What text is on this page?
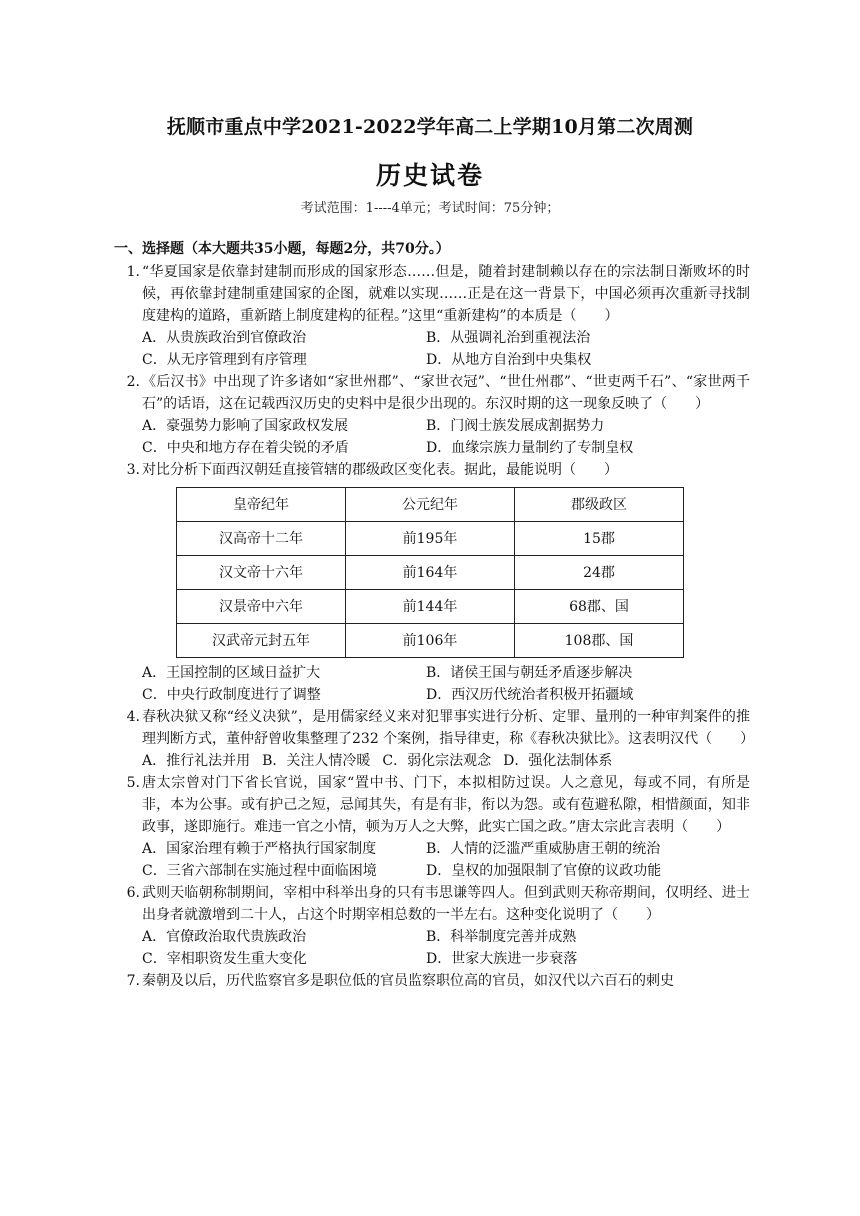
抚顺市重点中学2021-2022学年高二上学期10月第二次周测
历史试卷
考试范围：1----4单元；考试时间：75分钟；
一、选择题（本大题共35小题，每题2分，共70分。）
1. “华夏国家是依靠封建制而形成的国家形态……但是，随着封建制赖以存在的宗法制日渐败坏的时候，再依靠封建制重建国家的企图，就难以实现……正是在这一背景下，中国必须再次重新寻找制度建构的道路，重新踏上制度建构的征程。”这里“重新建构”的本质是（　　）
A．从贵族政治到官僚政治	B．从强调礼治到重视法治
C．从无序管理到有序管理	D．从地方自治到中央集权
2. 《后汉书》中出现了许多诸如“家世州郡”、“家世衣冠”、“世仕州郡”、“世吏两千石”、“家世两千石”的话语，这在记载西汉历史的史料中是很少出现的。东汉时期的这一现象反映了（　　）
A．豪强势力影响了国家政权发展	B．门阀士族发展成割据势力
C．中央和地方存在着尖锐的矛盾	D．血缘宗族力量制约了专制皇权
3. 对比分析下面西汉朝廷直接管辖的郡级政区变化表。据此，最能说明（　　）
皇帝纪年	公元纪年	郡级政区
汉高帝十二年	前195年	15郡
汉文帝十六年	前164年	24郡
汉景帝中六年	前144年	68郡、国
汉武帝元封五年	前106年	108郡、国
A．王国控制的区域日益扩大	B．诸侯王国与朝廷矛盾逐步解决
C．中央行政制度进行了调整	D．西汉历代统治者积极开拓疆域
4. 春秋决狱又称“经义决狱”，是用儒家经义来对犯罪事实进行分析、定罪、量刑的一种审判案件的推理判断方式，董仲舒曾收集整理了232 个案例，指导律吏，称《春秋决狱比》。这表明汉代（　　）
A．推行礼法并用 B．关注人情冷暖 C．弱化宗法观念 D．强化法制体系
5. 唐太宗曾对门下省长官说，国家“置中书、门下，本拟相防过误。人之意见，每或不同，有所是非，本为公事。或有护己之短，忌闻其失，有是有非，衔以为怨。或有苞避私隙，相惜颜面，知非政事，遂即施行。难违一官之小情，顿为万人之大弊，此实亡国之政。”唐太宗此言表明（　　）
A．国家治理有赖于严格执行国家制度	B．人情的泛滥严重威胁唐王朝的统治
C．三省六部制在实施过程中面临困境	D．皇权的加强限制了官僚的议政功能
6. 武则天临朝称制期间，宰相中科举出身的只有韦思谦等四人。但到武则天称帝期间，仅明经、进士出身者就激增到二十人，占这个时期宰相总数的一半左右。这种变化说明了（　　）
A．官僚政治取代贵族政治	B．科举制度完善并成熟
C．宰相职资发生重大变化	D．世家大族进一步衰落
7. 秦朝及以后，历代监察官多是职位低的官员监察职位高的官员，如汉代以六百石的刺史
